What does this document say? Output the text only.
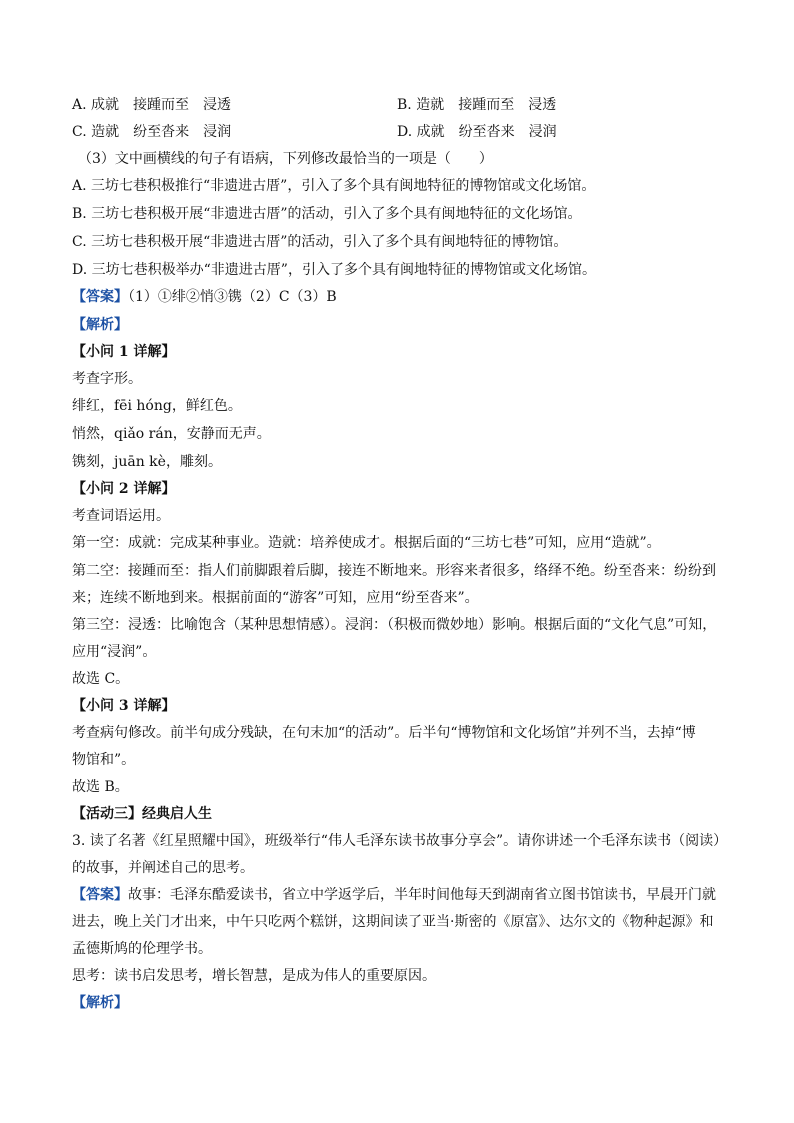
A. 成就　接踵而至　浸透	B. 造就　接踵而至　浸透
C. 造就　纷至沓来　浸润	D. 成就　纷至沓来　浸润
（3）文中画横线的句子有语病，下列修改最恰当的一项是（　　）
A. 三坊七巷积极推行“非遗进古厝”，引入了多个具有闽地特征的博物馆或文化场馆。
B. 三坊七巷积极开展“非遗进古厝”的活动，引入了多个具有闽地特征的文化场馆。
C. 三坊七巷积极开展“非遗进古厝”的活动，引入了多个具有闽地特征的博物馆。
D. 三坊七巷积极举办“非遗进古厝”，引入了多个具有闽地特征的博物馆或文化场馆。
【答案】（1）①绯②悄③镌（2）C（3）B
【解析】
【小问 1 详解】
考查字形。
绯红，fēi hóng，鲜红色。
悄然，qiǎo rán，安静而无声。
镌刻，juān kè，雕刻。
【小问 2 详解】
考查词语运用。
第一空：成就：完成某种事业。造就：培养使成才。根据后面的“三坊七巷”可知，应用“造就”。
第二空：接踵而至：指人们前脚跟着后脚，接连不断地来。形容来者很多，络绎不绝。纷至沓来：纷纷到
来；连续不断地到来。根据前面的“游客”可知，应用“纷至沓来”。
第三空：浸透：比喻饱含（某种思想情感）。浸润：（积极而微妙地）影响。根据后面的“文化气息”可知，
应用“浸润”。
故选 C。
【小问 3 详解】
考查病句修改。前半句成分残缺，在句末加“的活动”。后半句“博物馆和文化场馆”并列不当，去掉“博
物馆和”。
故选 B。
【活动三】经典启人生
3. 读了名著《红星照耀中国》，班级举行“伟人毛泽东读书故事分享会”。请你讲述一个毛泽东读书（阅读）
的故事，并阐述自己的思考。
【答案】故事：毛泽东酷爱读书，省立中学返学后，半年时间他每天到湖南省立图书馆读书，早晨开门就
进去，晚上关门才出来，中午只吃两个糕饼，这期间读了亚当·斯密的《原富》、达尔文的《物种起源》和
孟德斯鸠的伦理学书。
思考：读书启发思考，增长智慧，是成为伟人的重要原因。
【解析】
